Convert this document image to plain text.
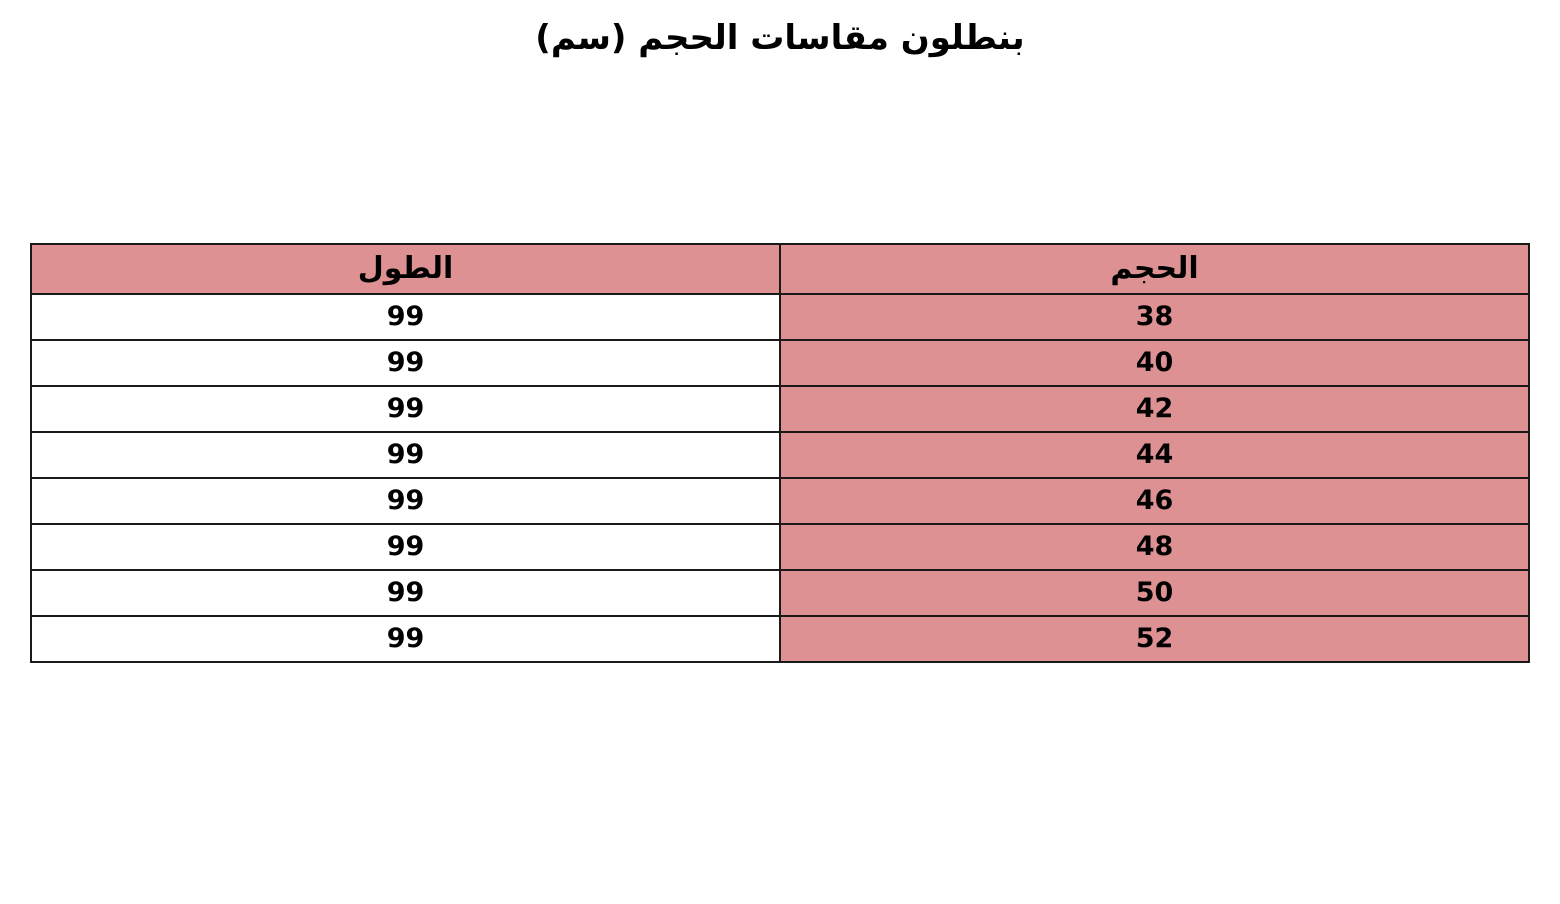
بنطلون مقاسات الحجم (سم)
الحجم	الطول
38	99
40	99
42	99
44	99
46	99
48	99
50	99
52	99
